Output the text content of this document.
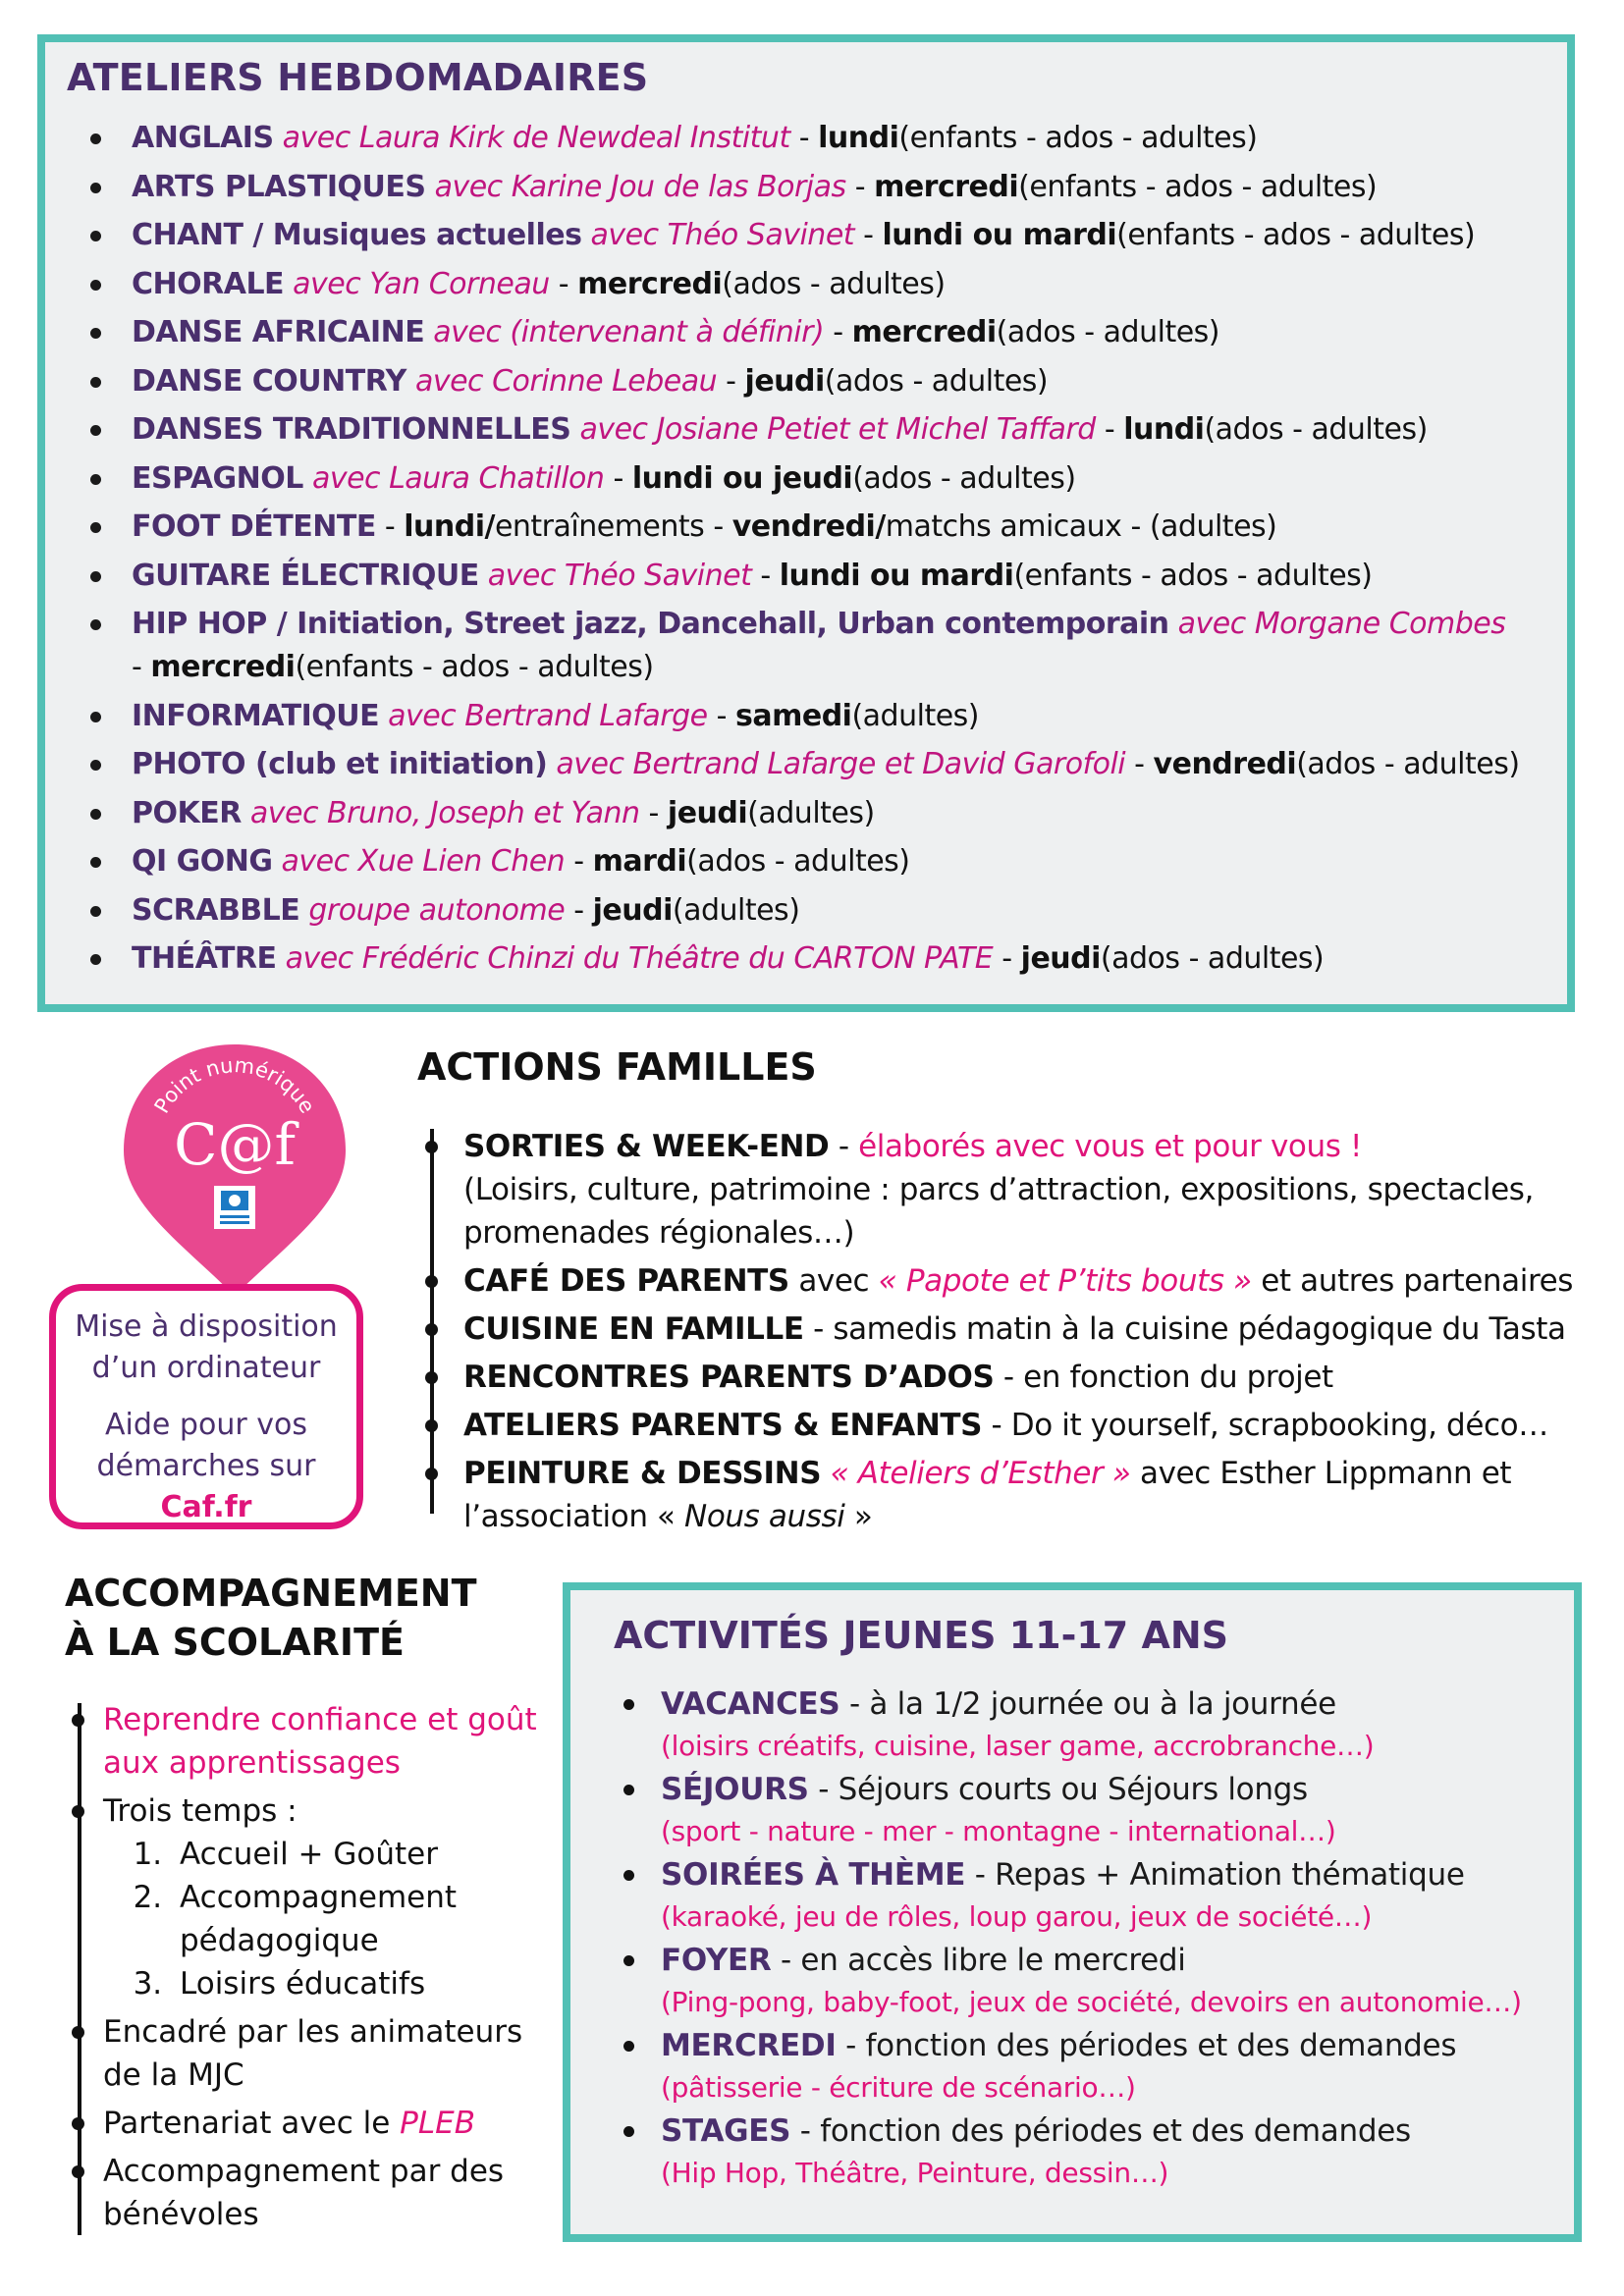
ATELIERS HEBDOMADAIRES
ANGLAIS avec Laura Kirk de Newdeal Institut - lundi(enfants - ados - adultes)
ARTS PLASTIQUES avec Karine Jou de las Borjas - mercredi(enfants - ados - adultes)
CHANT / Musiques actuelles avec Théo Savinet - lundi ou mardi(enfants - ados - adultes)
CHORALE avec Yan Corneau - mercredi(ados - adultes)
DANSE AFRICAINE avec (intervenant à définir) - mercredi(ados - adultes)
DANSE COUNTRY avec Corinne Lebeau - jeudi(ados - adultes)
DANSES TRADITIONNELLES avec Josiane Petiet et Michel Taffard - lundi(ados - adultes)
ESPAGNOL avec Laura Chatillon - lundi ou jeudi(ados - adultes)
FOOT DÉTENTE - lundi/entraînements - vendredi/matchs amicaux - (adultes)
GUITARE ÉLECTRIQUE avec Théo Savinet - lundi ou mardi(enfants - ados - adultes)
HIP HOP / Initiation, Street jazz, Dancehall, Urban contemporain avec Morgane Combes
- mercredi(enfants - ados - adultes)
INFORMATIQUE avec Bertrand Lafarge - samedi(adultes)
PHOTO (club et initiation) avec Bertrand Lafarge et David Garofoli - vendredi(ados - adultes)
POKER avec Bruno, Joseph et Yann - jeudi(adultes)
QI GONG avec Xue Lien Chen - mardi(ados - adultes)
SCRABBLE groupe autonome - jeudi(adultes)
THÉÂTRE avec Frédéric Chinzi du Théâtre du CARTON PATE - jeudi(ados - adultes)
Point numérique
C@f

Mise à disposition

d’un ordinateur

Aide pour vos

démarches sur

Caf.fr

ACTIONS FAMILLES
SORTIES & WEEK-END - élaborés avec vous et pour vous !
(Loisirs, culture, patrimoine : parcs d’attraction, expositions, spectacles, promenades régionales…)
CAFÉ DES PARENTS avec « Papote et P’tits bouts » et autres partenaires
CUISINE EN FAMILLE - samedis matin à la cuisine pédagogique du Tasta
RENCONTRES PARENTS D’ADOS - en fonction du projet
ATELIERS PARENTS & ENFANTS - Do it yourself, scrapbooking, déco…
PEINTURE & DESSINS « Ateliers d’Esther » avec Esther Lippmann et l’association « Nous aussi »
ACCOMPAGNEMENT
À LA SCOLARITÉ
Reprendre confiance et goût aux apprentissages
Trois temps :
1. Accueil + Goûter
2. Accompagnement pédagogique
3. Loisirs éducatifs
Encadré par les animateurs de la MJC
Partenariat avec le PLEB
Accompagnement par des bénévoles
ACTIVITÉS JEUNES 11-17 ANS
VACANCES - à la 1/2 journée ou à la journée
(loisirs créatifs, cuisine, laser game, accrobranche…)
SÉJOURS - Séjours courts ou Séjours longs
(sport - nature - mer - montagne - international…)
SOIRÉES À THÈME - Repas + Animation thématique
(karaoké, jeu de rôles, loup garou, jeux de société…)
FOYER - en accès libre le mercredi
(Ping-pong, baby-foot, jeux de société, devoirs en autonomie…)
MERCREDI - fonction des périodes et des demandes
(pâtisserie - écriture de scénario…)
STAGES - fonction des périodes et des demandes
(Hip Hop, Théâtre, Peinture, dessin…)
